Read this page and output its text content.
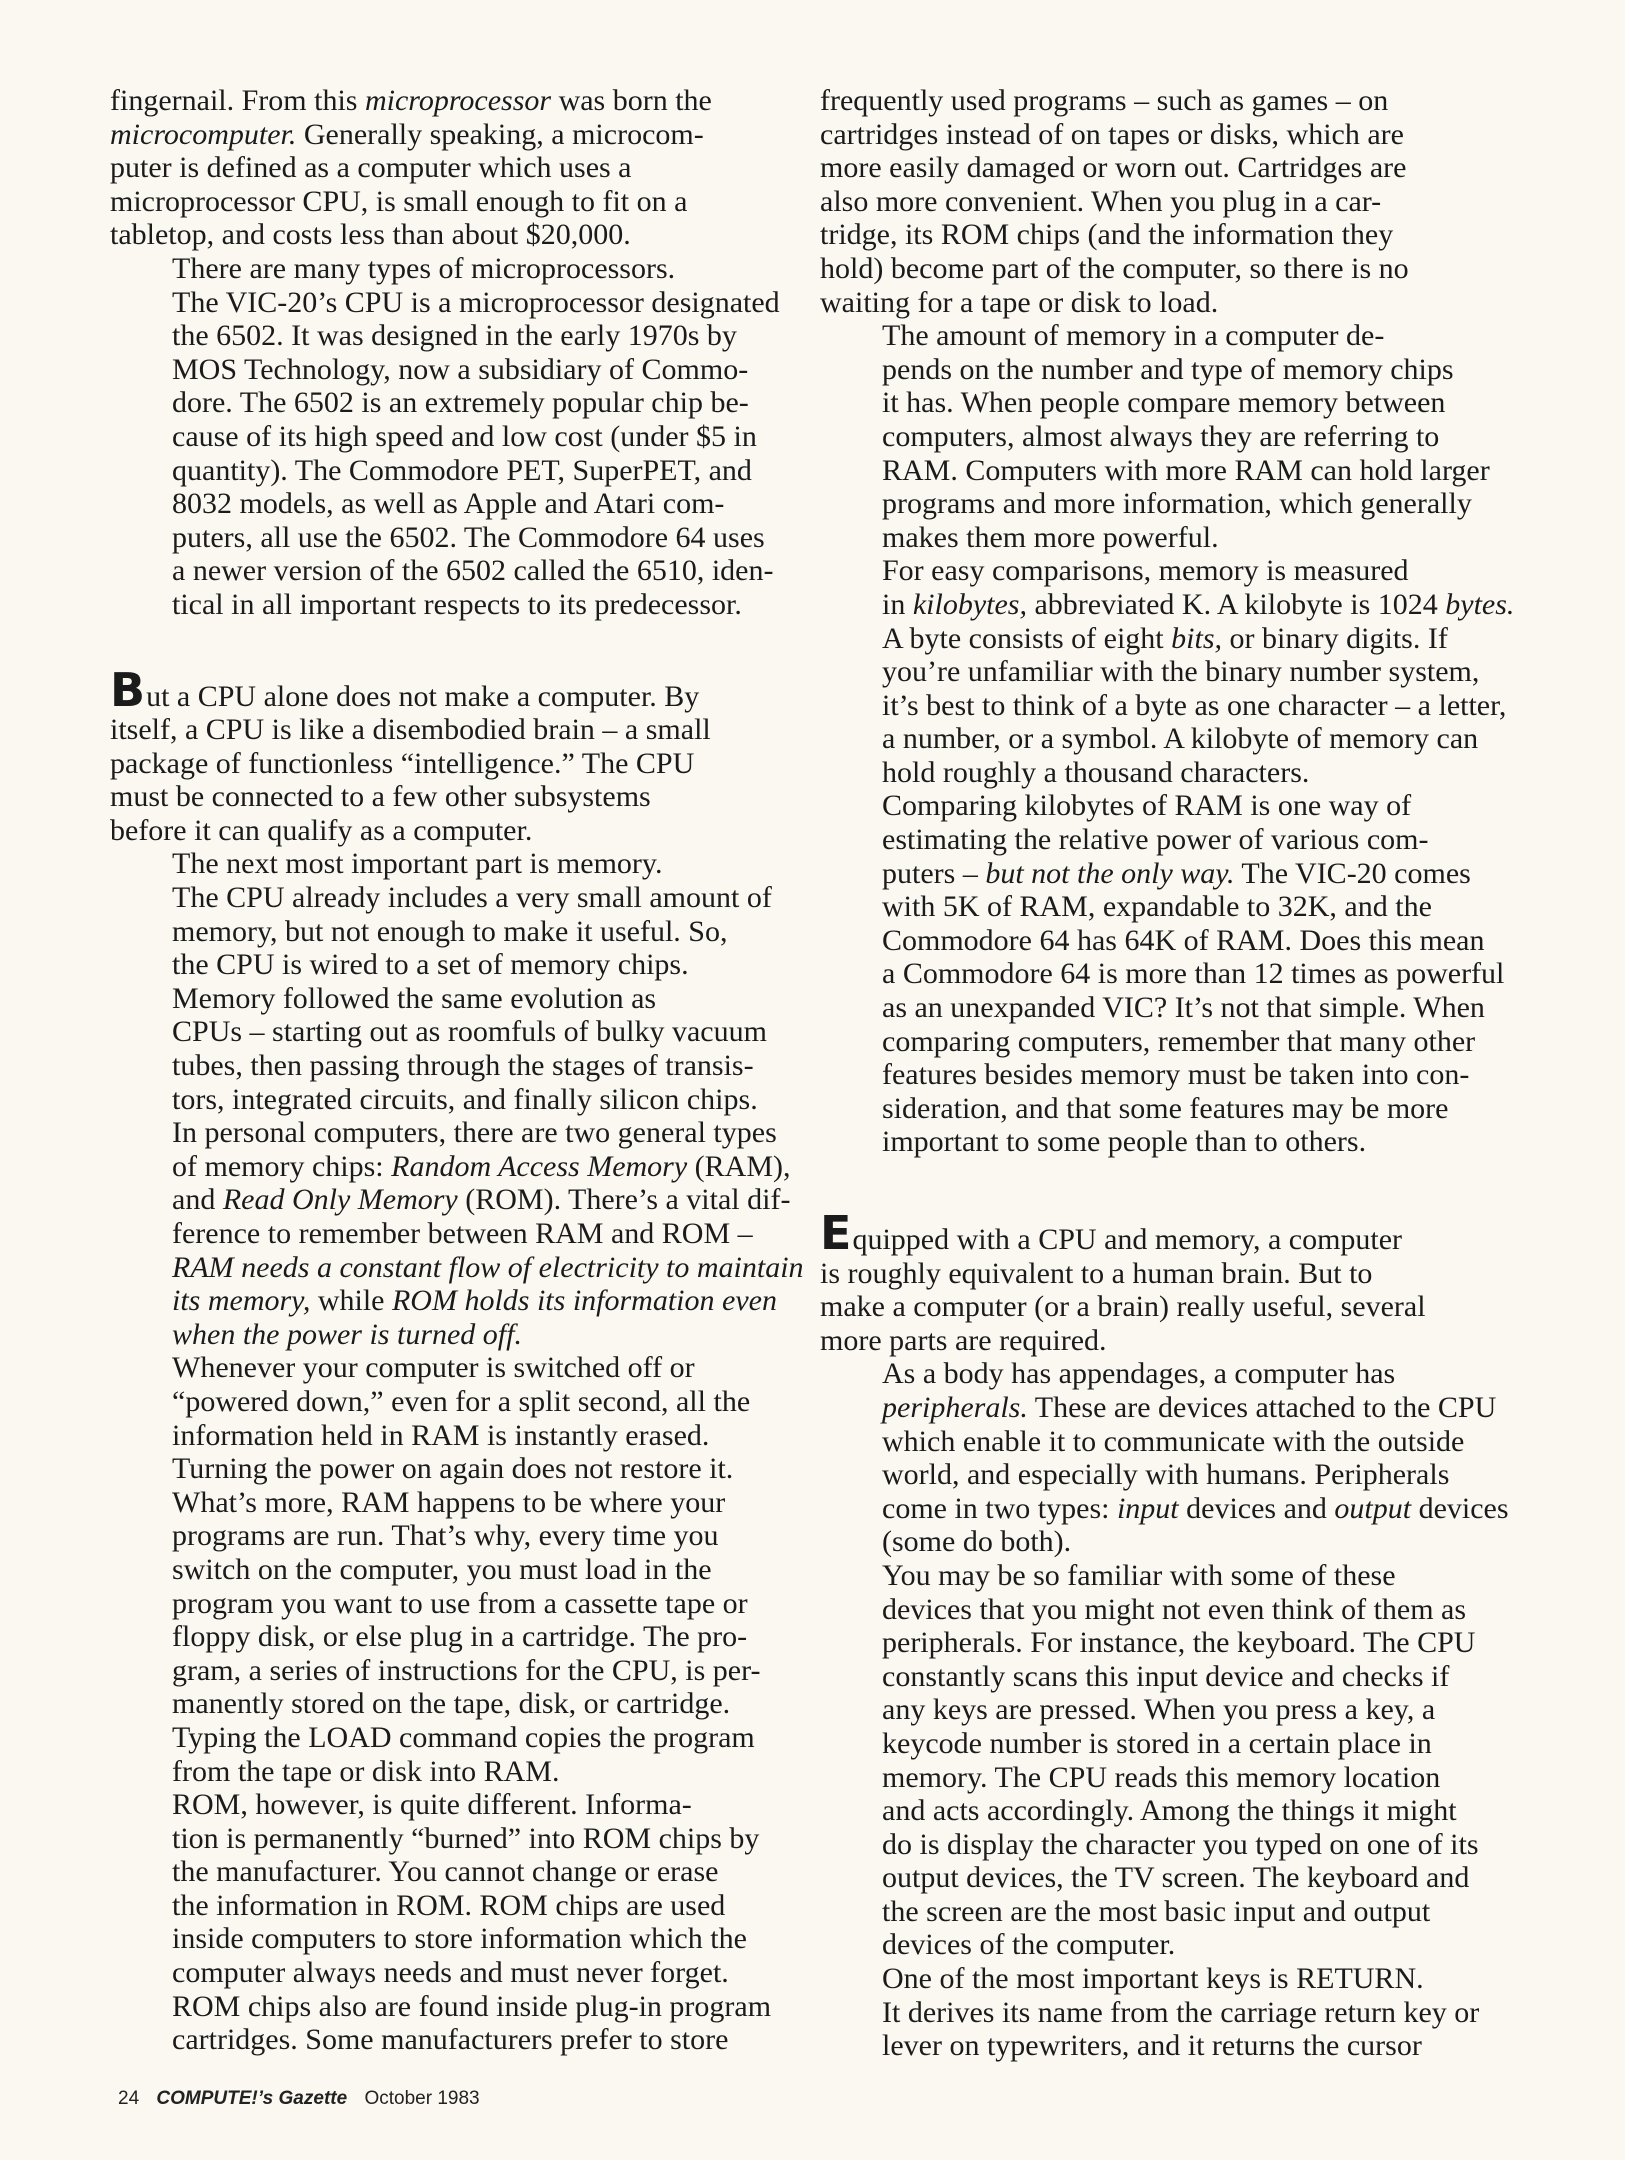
fingernail. From this microprocessor was born the
microcomputer. Generally speaking, a microcom-
puter is defined as a computer which uses a
microprocessor CPU, is small enough to fit on a
tabletop, and costs less than about $20,000.

There are many types of microprocessors.
The VIC-20’s CPU is a microprocessor designated
the 6502. It was designed in the early 1970s by
MOS Technology, now a subsidiary of Commo-
dore. The 6502 is an extremely popular chip be-
cause of its high speed and low cost (under $5 in
quantity). The Commodore PET, SuperPET, and
8032 models, as well as Apple and Atari com-
puters, all use the 6502. The Commodore 64 uses
a newer version of the 6502 called the 6510, iden-
tical in all important respects to its predecessor.

But a CPU alone does not make a computer. By
itself, a CPU is like a disembodied brain – a small
package of functionless “intelligence.” The CPU
must be connected to a few other subsystems
before it can qualify as a computer.

The next most important part is memory.
The CPU already includes a very small amount of
memory, but not enough to make it useful. So,
the CPU is wired to a set of memory chips.

Memory followed the same evolution as
CPUs – starting out as roomfuls of bulky vacuum
tubes, then passing through the stages of transis-
tors, integrated circuits, and finally silicon chips.
In personal computers, there are two general types
of memory chips: Random Access Memory (RAM),
and Read Only Memory (ROM). There’s a vital dif-
ference to remember between RAM and ROM –
RAM needs a constant flow of electricity to maintain
its memory, while ROM holds its information even
when the power is turned off.

Whenever your computer is switched off or
“powered down,” even for a split second, all the
information held in RAM is instantly erased.
Turning the power on again does not restore it.
What’s more, RAM happens to be where your
programs are run. That’s why, every time you
switch on the computer, you must load in the
program you want to use from a cassette tape or
floppy disk, or else plug in a cartridge. The pro-
gram, a series of instructions for the CPU, is per-
manently stored on the tape, disk, or cartridge.
Typing the LOAD command copies the program
from the tape or disk into RAM.

ROM, however, is quite different. Informa-
tion is permanently “burned” into ROM chips by
the manufacturer. You cannot change or erase
the information in ROM. ROM chips are used
inside computers to store information which the
computer always needs and must never forget.
ROM chips also are found inside plug-in program
cartridges. Some manufacturers prefer to store

frequently used programs – such as games – on
cartridges instead of on tapes or disks, which are
more easily damaged or worn out. Cartridges are
also more convenient. When you plug in a car-
tridge, its ROM chips (and the information they
hold) become part of the computer, so there is no
waiting for a tape or disk to load.

The amount of memory in a computer de-
pends on the number and type of memory chips
it has. When people compare memory between
computers, almost always they are referring to
RAM. Computers with more RAM can hold larger
programs and more information, which generally
makes them more powerful.

For easy comparisons, memory is measured
in kilobytes, abbreviated K. A kilobyte is 1024 bytes.
A byte consists of eight bits, or binary digits. If
you’re unfamiliar with the binary number system,
it’s best to think of a byte as one character – a letter,
a number, or a symbol. A kilobyte of memory can
hold roughly a thousand characters.

Comparing kilobytes of RAM is one way of
estimating the relative power of various com-
puters – but not the only way. The VIC-20 comes
with 5K of RAM, expandable to 32K, and the
Commodore 64 has 64K of RAM. Does this mean
a Commodore 64 is more than 12 times as powerful
as an unexpanded VIC? It’s not that simple. When
comparing computers, remember that many other
features besides memory must be taken into con-
sideration, and that some features may be more
important to some people than to others.

Equipped with a CPU and memory, a computer
is roughly equivalent to a human brain. But to
make a computer (or a brain) really useful, several
more parts are required.

As a body has appendages, a computer has
peripherals. These are devices attached to the CPU
which enable it to communicate with the outside
world, and especially with humans. Peripherals
come in two types: input devices and output devices
(some do both).

You may be so familiar with some of these
devices that you might not even think of them as
peripherals. For instance, the keyboard. The CPU
constantly scans this input device and checks if
any keys are pressed. When you press a key, a
keycode number is stored in a certain place in
memory. The CPU reads this memory location
and acts accordingly. Among the things it might
do is display the character you typed on one of its
output devices, the TV screen. The keyboard and
the screen are the most basic input and output
devices of the computer.

One of the most important keys is RETURN.
It derives its name from the carriage return key or
lever on typewriters, and it returns the cursor

24 COMPUTE!’s Gazette October 1983
